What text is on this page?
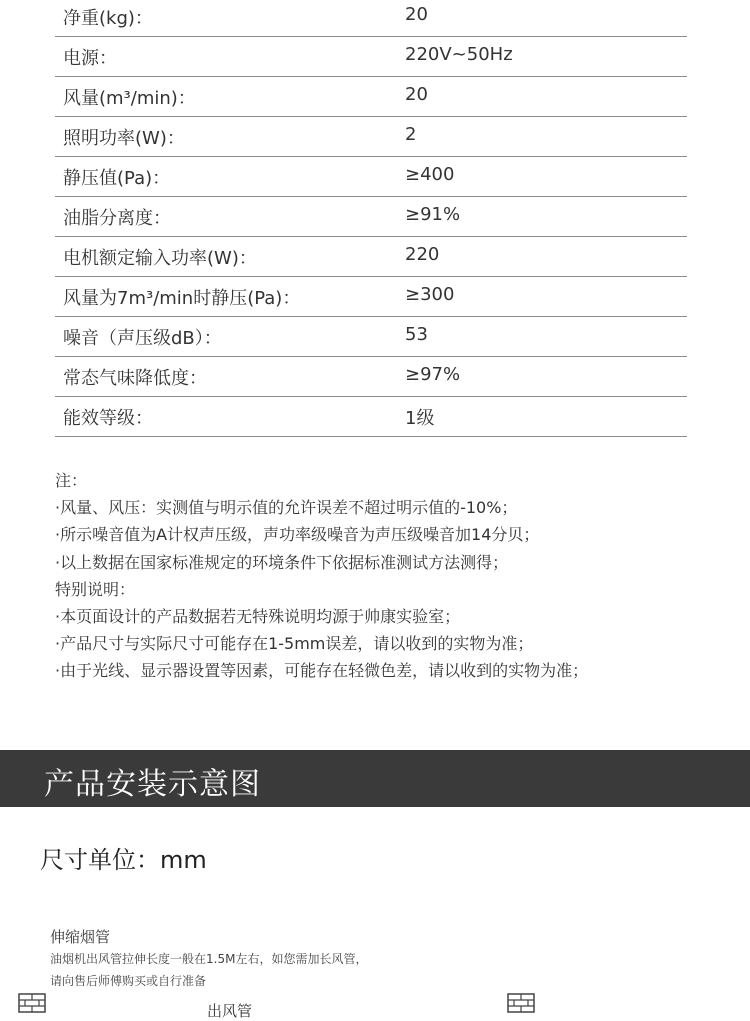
净重(kg)：	20
电源：	220V~50Hz
风量(m³/min)：	20
照明功率(W)：	2
静压值(Pa)：	≥400
油脂分离度：	≥91%
电机额定输入功率(W)：	220
风量为7m³/min时静压(Pa)：	≥300
噪音（声压级dB）：	53
常态气味降低度：	≥97%
能效等级：	1级
注：
·风量、风压：实测值与明示值的允许误差不超过明示值的-10%；
·所示噪音值为A计权声压级，声功率级噪音为声压级噪音加14分贝；
·以上数据在国家标准规定的环境条件下依据标准测试方法测得；
特别说明：
·本页面设计的产品数据若无特殊说明均源于帅康实验室；
·产品尺寸与实际尺寸可能存在1-5mm误差，请以收到的实物为准；
·由于光线、显示器设置等因素，可能存在轻微色差，请以收到的实物为准；
产品安装示意图
尺寸单位：mm
伸缩烟管
油烟机出风管拉伸长度一般在1.5M左右，如您需加长风管，
请向售后师傅购买或自行准备
出风管
